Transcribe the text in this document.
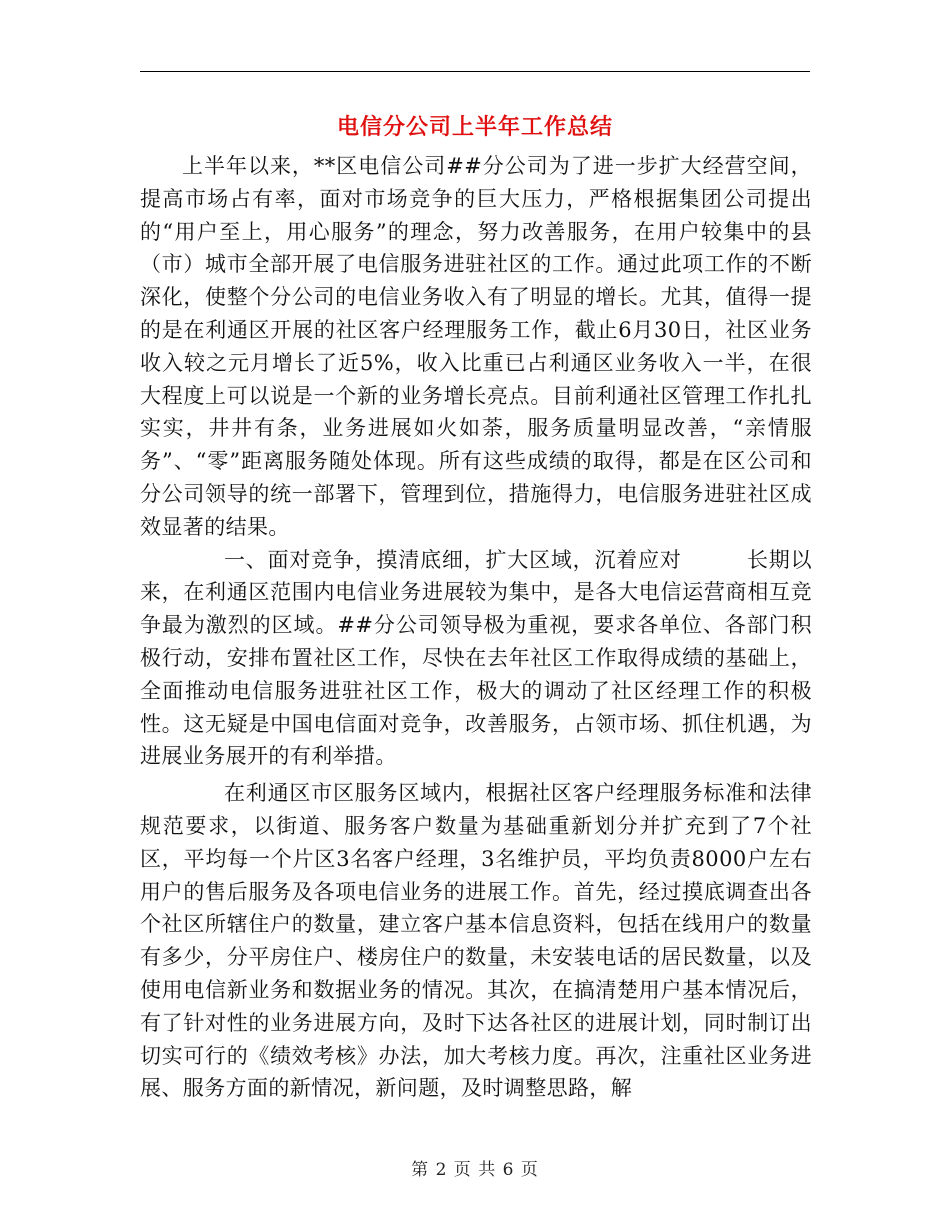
电信分公司上半年工作总结

上半年以来，**区电信公司##分公司为了进一步扩大经营空间，提高市场占有率，面对市场竞争的巨大压力，严格根据集团公司提出的“用户至上，用心服务”的理念，努力改善服务，在用户较集中的县（市）城市全部开展了电信服务进驻社区的工作。通过此项工作的不断深化，使整个分公司的电信业务收入有了明显的增长。尤其，值得一提的是在利通区开展的社区客户经理服务工作，截止6月30日，社区业务收入较之元月增长了近5%，收入比重已占利通区业务收入一半，在很大程度上可以说是一个新的业务增长亮点。目前利通社区管理工作扎扎实实，井井有条，业务进展如火如荼，服务质量明显改善，“亲情服务”、“零”距离服务随处体现。所有这些成绩的取得，都是在区公司和分公司领导的统一部署下，管理到位，措施得力，电信服务进驻社区成效显著的结果。

一、面对竞争，摸清底细，扩大区域，沉着应对　　　长期以来，在利通区范围内电信业务进展较为集中，是各大电信运营商相互竞争最为激烈的区域。##分公司领导极为重视，要求各单位、各部门积极行动，安排布置社区工作，尽快在去年社区工作取得成绩的基础上，全面推动电信服务进驻社区工作，极大的调动了社区经理工作的积极性。这无疑是中国电信面对竞争，改善服务，占领市场、抓住机遇，为进展业务展开的有利举措。

在利通区市区服务区域内，根据社区客户经理服务标准和法律规范要求，以街道、服务客户数量为基础重新划分并扩充到了7个社区，平均每一个片区3名客户经理，3名维护员，平均负责8000户左右用户的售后服务及各项电信业务的进展工作。首先，经过摸底调查出各个社区所辖住户的数量，建立客户基本信息资料，包括在线用户的数量有多少，分平房住户、楼房住户的数量，未安装电话的居民数量，以及使用电信新业务和数据业务的情况。其次，在搞清楚用户基本情况后，有了针对性的业务进展方向，及时下达各社区的进展计划，同时制订出切实可行的《绩效考核》办法，加大考核力度。再次，注重社区业务进展、服务方面的新情况，新问题，及时调整思路，解

第 2 页 共 6 页
